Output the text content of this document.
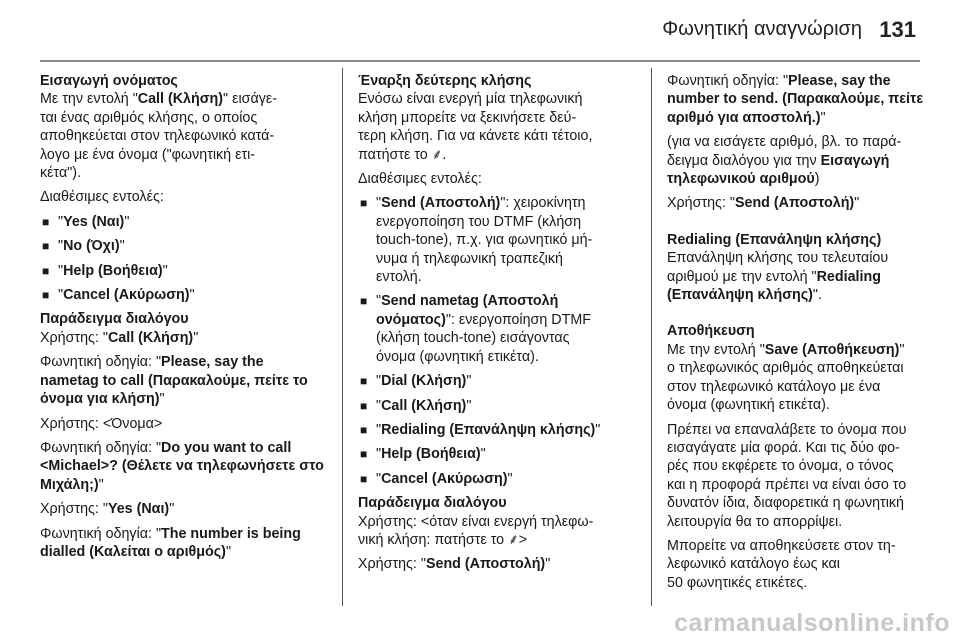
Φωνητική αναγνώριση 131
Εισαγωγή ονόματος

Με την εντολή "Call (Κλήση)" εισάγε-
ται ένας αριθμός κλήσης, ο οποίος
αποθηκεύεται στον τηλεφωνικό κατά-
λογο με ένα όνομα ("φωνητική ετι-
κέτα").

Διαθέσιμες εντολές:

■ "Yes (Ναι)"
■ "No (Όχι)"
■ "Help (Βοήθεια)"
■ "Cancel (Ακύρωση)"
Παράδειγμα διαλόγου

Χρήστης: "Call (Κλήση)"

Φωνητική οδηγία: "Please, say the nametag to call (Παρακαλούμε, πείτε το όνομα για κλήση)"

Χρήστης: <Όνομα>

Φωνητική οδηγία: "Do you want to call <Michael>? (Θέλετε να τηλεφωνήσετε στο Μιχάλη;)"

Χρήστης: "Yes (Ναι)"

Φωνητική οδηγία: "The number is being dialled (Καλείται ο αριθμός)"

Έναρξη δεύτερης κλήσης

Ενόσω είναι ενεργή μία τηλεφωνική
κλήση μπορείτε να ξεκινήσετε δεύ-
τερη κλήση. Για να κάνετε κάτι τέτοιο,
πατήστε το ⸙.

Διαθέσιμες εντολές:

■ "Send (Αποστολή)": χειροκίνητη
ενεργοποίηση του DTMF (κλήση
touch-tone), π.χ. για φωνητικό μή-
νυμα ή τηλεφωνική τραπεζική
εντολή.
■ "Send nametag (Αποστολή
ονόματος)": ενεργοποίηση DTMF
(κλήση touch-tone) εισάγοντας
όνομα (φωνητική ετικέτα).
■ "Dial (Κλήση)"
■ "Call (Κλήση)"
■ "Redialing (Επανάληψη κλήσης)"
■ "Help (Βοήθεια)"
■ "Cancel (Ακύρωση)"
Παράδειγμα διαλόγου

Χρήστης: <όταν είναι ενεργή τηλεφω-
νική κλήση: πατήστε το ⸙>

Χρήστης: "Send (Αποστολή)"

Φωνητική οδηγία: "Please, say the
number to send. (Παρακαλούμε, πείτε
αριθμό για αποστολή.)"

(για να εισάγετε αριθμό, βλ. το παρά-
δειγμα διαλόγου για την Εισαγωγή
τηλεφωνικού αριθμού)

Χρήστης: "Send (Αποστολή)"

Redialing (Επανάληψη κλήσης)

Επανάληψη κλήσης του τελευταίου
αριθμού με την εντολή "Redialing
(Επανάληψη κλήσης)".

Αποθήκευση

Με την εντολή "Save (Αποθήκευση)"
ο τηλεφωνικός αριθμός αποθηκεύεται
στον τηλεφωνικό κατάλογο με ένα
όνομα (φωνητική ετικέτα).

Πρέπει να επαναλάβετε το όνομα που
εισαγάγατε μία φορά. Και τις δύο φο-
ρές που εκφέρετε το όνομα, ο τόνος
και η προφορά πρέπει να είναι όσο το
δυνατόν ίδια, διαφορετικά η φωνητική
λειτουργία θα το απορρίψει.

Μπορείτε να αποθηκεύσετε στον τη-
λεφωνικό κατάλογο έως και
50 φωνητικές ετικέτες.

carmanualsonline.info
